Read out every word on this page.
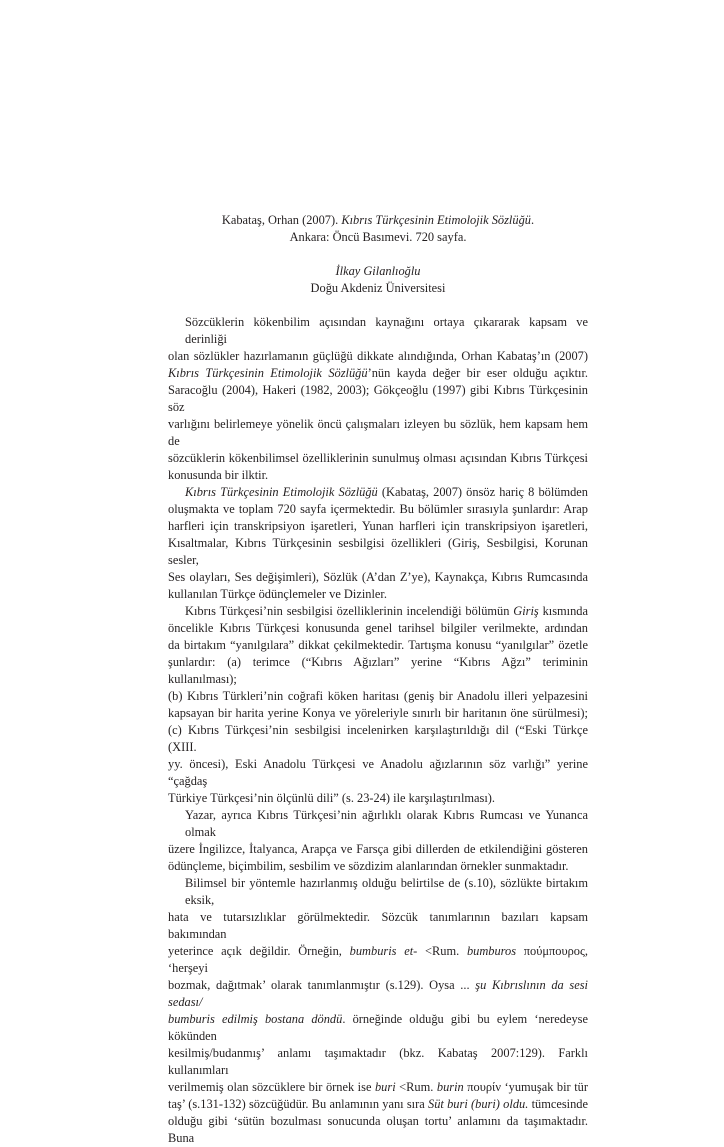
Kabataş, Orhan (2007). Kıbrıs Türkçesinin Etimolojik Sözlüğü.
Ankara: Öncü Basımevi. 720 sayfa.
İlkay Gilanlıoğlu
Doğu Akdeniz Üniversitesi

Sözcüklerin kökenbilim açısından kaynağını ortaya çıkararak kapsam ve derinliği
olan sözlükler hazırlamanın güçlüğü dikkate alındığında, Orhan Kabataş’ın (2007)
Kıbrıs Türkçesinin Etimolojik Sözlüğü’nün kayda değer bir eser olduğu açıktır.
Saracoğlu (2004), Hakeri (1982, 2003); Gökçeoğlu (1997) gibi Kıbrıs Türkçesinin söz
varlığını belirlemeye yönelik öncü çalışmaları izleyen bu sözlük, hem kapsam hem de
sözcüklerin kökenbilimsel özelliklerinin sunulmuş olması açısından Kıbrıs Türkçesi
konusunda bir ilktir.

Kıbrıs Türkçesinin Etimolojik Sözlüğü (Kabataş, 2007) önsöz hariç 8 bölümden
oluşmakta ve toplam 720 sayfa içermektedir. Bu bölümler sırasıyla şunlardır: Arap
harfleri için transkripsiyon işaretleri, Yunan harfleri için transkripsiyon işaretleri,
Kısaltmalar, Kıbrıs Türkçesinin sesbilgisi özellikleri (Giriş, Sesbilgisi, Korunan sesler,
Ses olayları, Ses değişimleri), Sözlük (A’dan Z’ye), Kaynakça, Kıbrıs Rumcasında
kullanılan Türkçe ödünçlemeler ve Dizinler.

Kıbrıs Türkçesi’nin sesbilgisi özelliklerinin incelendiği bölümün Giriş kısmında
öncelikle Kıbrıs Türkçesi konusunda genel tarihsel bilgiler verilmekte, ardından
da birtakım “yanılgılara” dikkat çekilmektedir. Tartışma konusu “yanılgılar” özetle
şunlardır: (a) terimce (“Kıbrıs Ağızları” yerine “Kıbrıs Ağzı” teriminin kullanılması);
(b) Kıbrıs Türkleri’nin coğrafi köken haritası (geniş bir Anadolu illeri yelpazesini
kapsayan bir harita yerine Konya ve yöreleriyle sınırlı bir haritanın öne sürülmesi);
(c) Kıbrıs Türkçesi’nin sesbilgisi incelenirken karşılaştırıldığı dil (“Eski Türkçe (XIII.
yy. öncesi), Eski Anadolu Türkçesi ve Anadolu ağızlarının söz varlığı” yerine “çağdaş
Türkiye Türkçesi’nin ölçünlü dili” (s. 23-24) ile karşılaştırılması).

Yazar, ayrıca Kıbrıs Türkçesi’nin ağırlıklı olarak Kıbrıs Rumcası ve Yunanca olmak
üzere İngilizce, İtalyanca, Arapça ve Farsça gibi dillerden de etkilendiğini gösteren
ödünçleme, biçimbilim, sesbilim ve sözdizim alanlarından örnekler sunmaktadır.

Bilimsel bir yöntemle hazırlanmış olduğu belirtilse de (s.10), sözlükte birtakım eksik,
hata ve tutarsızlıklar görülmektedir. Sözcük tanımlarının bazıları kapsam bakımından
yeterince açık değildir. Örneğin, bumburis et- <Rum. bumburos πούμπουρος, ‘herşeyi
bozmak, dağıtmak’ olarak tanımlanmıştır (s.129). Oysa ... şu Kıbrıslının da sesi sedası/
bumburis edilmiş bostana döndü. örneğinde olduğu gibi bu eylem ‘neredeyse kökünden
kesilmiş/budanmış’ anlamı taşımaktadır (bkz. Kabataş 2007:129). Farklı kullanımları
verilmemiş olan sözcüklere bir örnek ise buri <Rum. burin πουρίν ‘yumuşak bir tür
taş’ (s.131-132) sözcüğüdür. Bu anlamının yanı sıra Süt buri (buri) oldu. tümcesinde
olduğu gibi ‘sütün bozulması sonucunda oluşan tortu’ anlamını da taşımaktadır. Buna
